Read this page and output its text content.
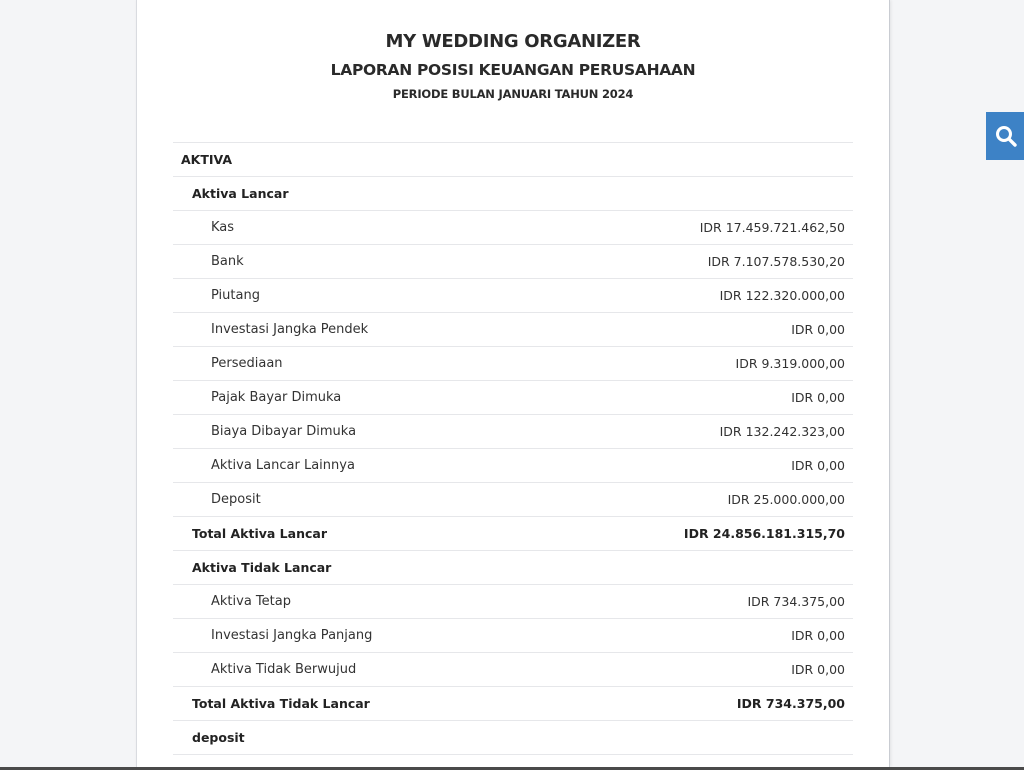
MY WEDDING ORGANIZER
LAPORAN POSISI KEUANGAN PERUSAHAAN
PERIODE BULAN JANUARI TAHUN 2024
AKTIVA
Aktiva Lancar
Kas	IDR 17.459.721.462,50
Bank	IDR 7.107.578.530,20
Piutang	IDR 122.320.000,00
Investasi Jangka Pendek	IDR 0,00
Persediaan	IDR 9.319.000,00
Pajak Bayar Dimuka	IDR 0,00
Biaya Dibayar Dimuka	IDR 132.242.323,00
Aktiva Lancar Lainnya	IDR 0,00
Deposit	IDR 25.000.000,00
Total Aktiva Lancar	IDR 24.856.181.315,70
Aktiva Tidak Lancar
Aktiva Tetap	IDR 734.375,00
Investasi Jangka Panjang	IDR 0,00
Aktiva Tidak Berwujud	IDR 0,00
Total Aktiva Tidak Lancar	IDR 734.375,00
deposit
